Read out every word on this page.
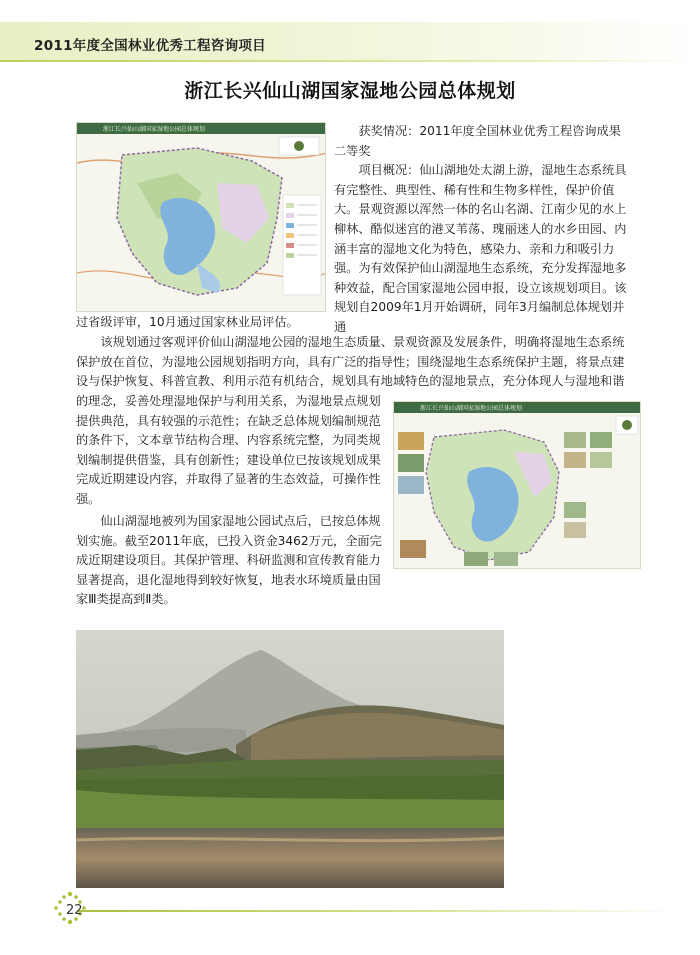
2011年度全国林业优秀工程咨询项目
浙江长兴仙山湖国家湿地公园总体规划
浙江长兴仙山湖国家湿地公园总体规划	获奖情况：2011年度全国林业优秀工程咨询成果二等奖
项目概况：仙山湖地处太湖上游，湿地生态系统具有完整性、典型性、稀有性和生物多样性，保护价值大。景观资源以浑然一体的名山名湖、江南少见的水上柳林、酷似迷宫的港叉苇荡、瑰丽迷人的水乡田园、内涵丰富的湿地文化为特色，感染力、亲和力和吸引力强。为有效保护仙山湖湿地生态系统，充分发挥湿地多种效益，配合国家湿地公园申报，设立该规划项目。该规划自2009年1月开始调研，同年3月编制总体规划并通
过省级评审，10月通过国家林业局评估。
该规划通过客观评价仙山湖湿地公园的湿地生态质量、景观资源及发展条件，明确将湿地生态系统保护放在首位，为湿地公园规划指明方向，具有广泛的指导性；围绕湿地生态系统保护主题，将景点建设与保护恢复、科普宣教、利用示范有机结合，规划具有地域特色的湿地景点，充分体现人与湿地和谐
的理念，妥善处理湿地保护与利用关系，为湿地景点规划提供典范，具有较强的示范性；在缺乏总体规划编制规范的条件下，文本章节结构合理、内容系统完整，为同类规划编制提供借鉴，具有创新性；建设单位已按该规划成果完成近期建设内容，并取得了显著的生态效益，可操作性强。
浙江长兴仙山湖国家湿地公园总体规划
仙山湖湿地被列为国家湿地公园试点后，已按总体规划实施。截至2011年底，已投入资金3462万元，全面完成近期建设项目。其保护管理、科研监测和宣传教育能力显著提高，退化湿地得到较好恢复，地表水环境质量由国家Ⅲ类提高到Ⅱ类。
22
